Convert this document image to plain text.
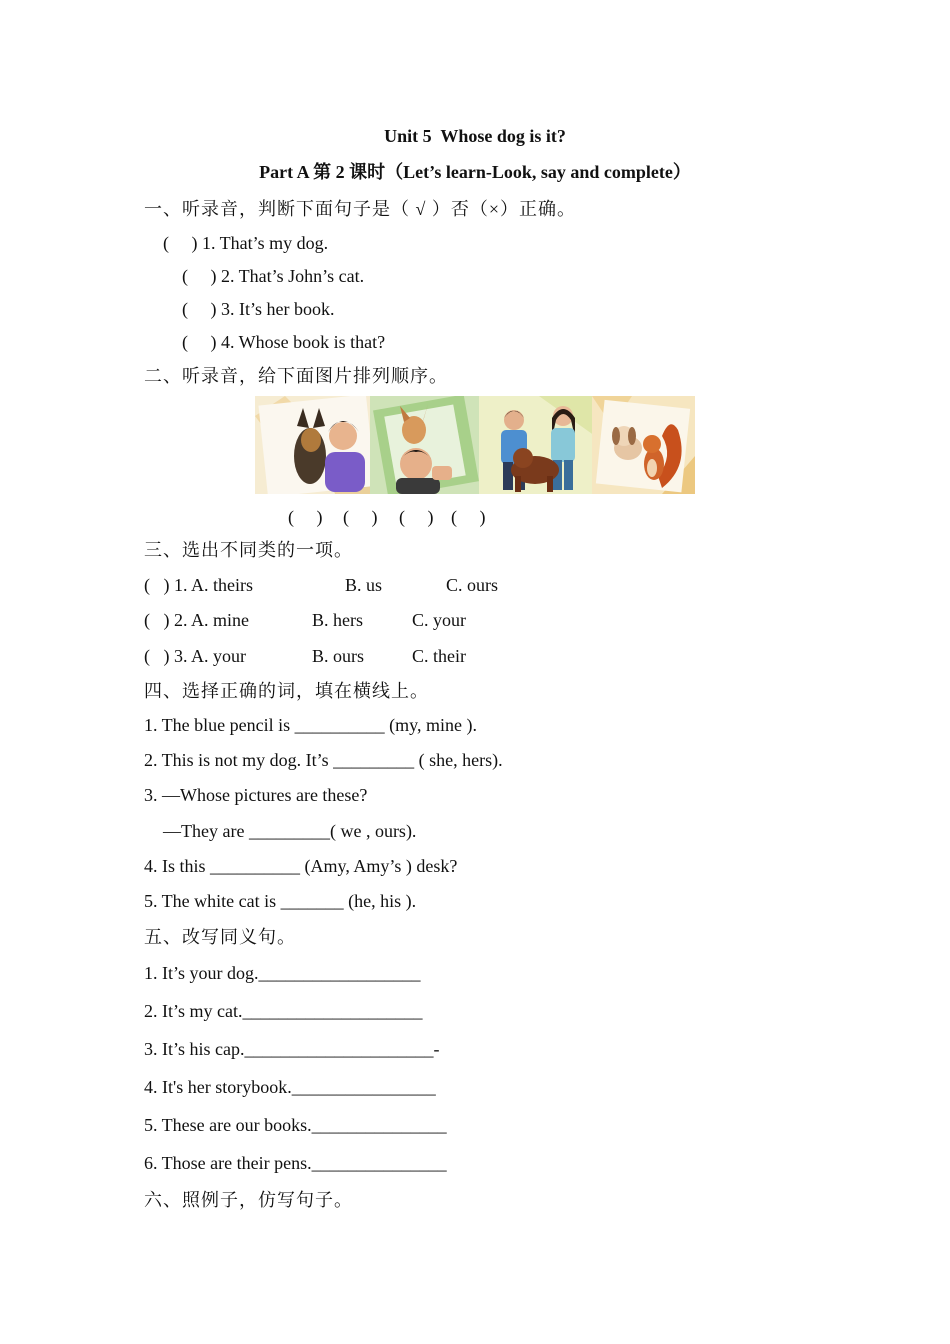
Unit 5  Whose dog is it?
Part A 第 2 课时（Let’s learn-Look, say and complete）
一、听录音，判断下面句子是（ √ ）否（×）正确。
(     ) 1. That’s my dog.
(     ) 2. That’s John’s cat.
(     ) 3. It’s her book.
(     ) 4. Whose book is that?
二、听录音，给下面图片排列顺序。
(     ) (     ) (     ) (     )
三、选出不同类的一项。
(   ) 1. A. theirs	B. us	C. ours
(   ) 2. A. mine	B. hers	C. your
(   ) 3. A. your	B. ours	C. their
四、选择正确的词，填在横线上。
1. The blue pencil is __________ (my, mine ).
2. This is not my dog. It’s _________ ( she, hers).
3. —Whose pictures are these?
—They are _________( we , ours).
4. Is this __________ (Amy, Amy’s ) desk?
5. The white cat is _______ (he, his ).
五、改写同义句。
1. It’s your dog.__________________
2. It’s my cat.____________________
3. It’s his cap._____________________-
4. It's her storybook.________________
5. These are our books._______________
6. Those are their pens._______________
六、照例子，仿写句子。
